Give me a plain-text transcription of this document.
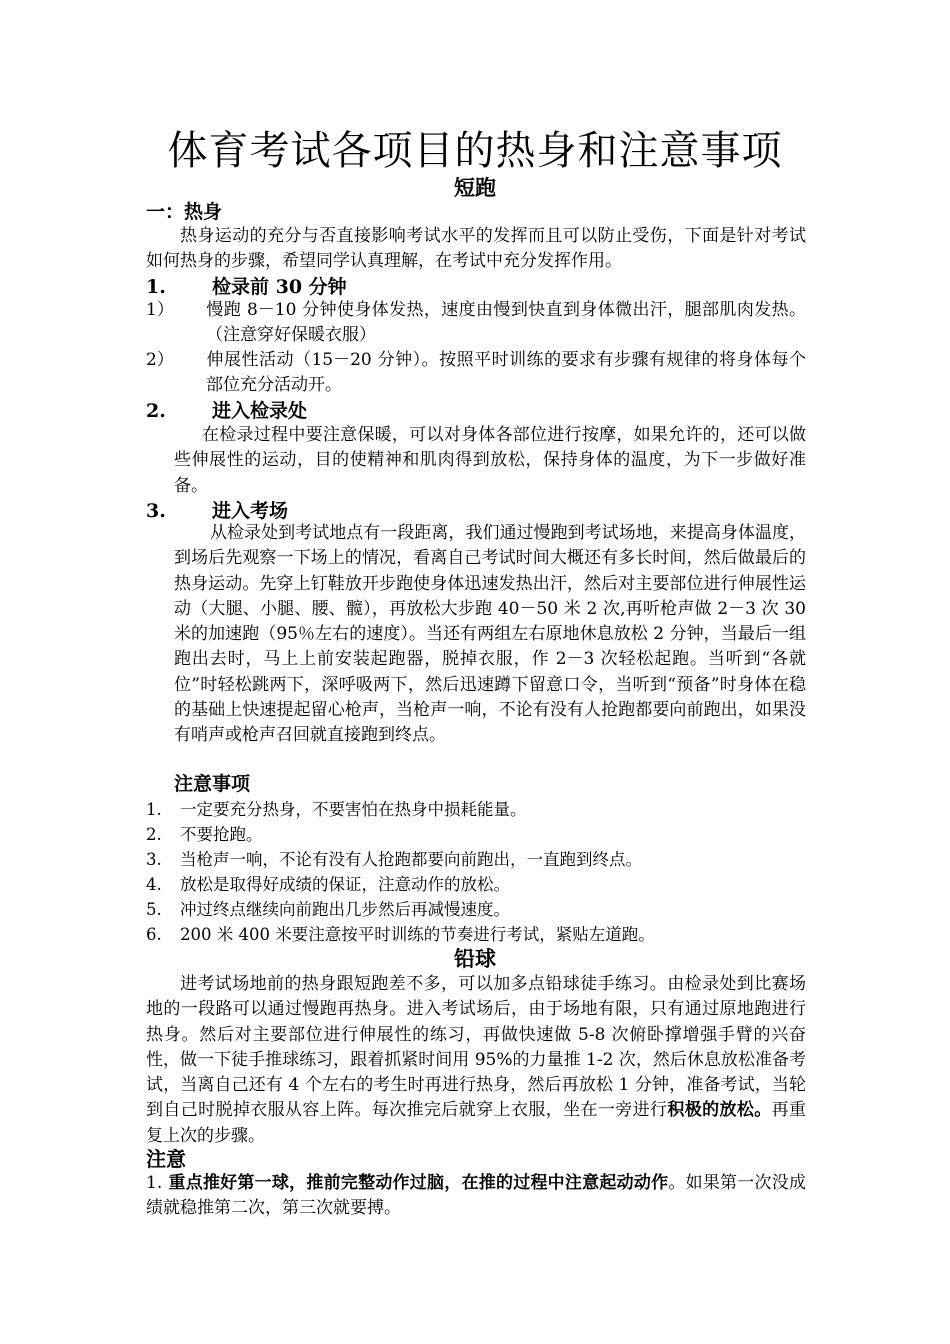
体育考试各项目的热身和注意事项
短跑
一：热身
热身运动的充分与否直接影响考试水平的发挥而且可以防止受伤，下面是针对考试如何热身的步骤，希望同学认真理解，在考试中充分发挥作用。
1. 检录前 30 分钟
1） 慢跑 8－10 分钟使身体发热，速度由慢到快直到身体微出汗，腿部肌肉发热。（注意穿好保暖衣服）
2） 伸展性活动（15－20 分钟）。按照平时训练的要求有步骤有规律的将身体每个部位充分活动开。
2. 进入检录处
在检录过程中要注意保暖，可以对身体各部位进行按摩，如果允许的，还可以做些伸展性的运动，目的使精神和肌肉得到放松，保持身体的温度，为下一步做好准备。
3. 进入考场
从检录处到考试地点有一段距离，我们通过慢跑到考试场地，来提高身体温度，到场后先观察一下场上的情况，看离自己考试时间大概还有多长时间，然后做最后的热身运动。先穿上钉鞋放开步跑使身体迅速发热出汗，然后对主要部位进行伸展性运动（大腿、小腿、腰、髋），再放松大步跑 40－50 米 2 次,再听枪声做 2－3 次 30 米的加速跑（95％左右的速度）。当还有两组左右原地休息放松 2 分钟，当最后一组跑出去时，马上上前安装起跑器，脱掉衣服，作 2－3 次轻松起跑。当听到“各就位”时轻松跳两下，深呼吸两下，然后迅速蹲下留意口令，当听到“预备”时身体在稳的基础上快速提起留心枪声，当枪声一响，不论有没有人抢跑都要向前跑出，如果没有哨声或枪声召回就直接跑到终点。
注意事项
1. 一定要充分热身，不要害怕在热身中损耗能量。
2. 不要抢跑。
3. 当枪声一响，不论有没有人抢跑都要向前跑出，一直跑到终点。
4. 放松是取得好成绩的保证，注意动作的放松。
5. 冲过终点继续向前跑出几步然后再减慢速度。
6. 200 米 400 米要注意按平时训练的节奏进行考试，紧贴左道跑。
铅球
进考试场地前的热身跟短跑差不多，可以加多点铅球徒手练习。由检录处到比赛场地的一段路可以通过慢跑再热身。进入考试场后，由于场地有限，只有通过原地跑进行热身。然后对主要部位进行伸展性的练习，再做快速做 5-8 次俯卧撑增强手臂的兴奋性，做一下徒手推球练习，跟着抓紧时间用 95%的力量推 1-2 次，然后休息放松准备考试，当离自己还有 4 个左右的考生时再进行热身，然后再放松 1 分钟，准备考试，当轮到自己时脱掉衣服从容上阵。每次推完后就穿上衣服，坐在一旁进行积极的放松。再重复上次的步骤。
注意
1. 重点推好第一球，推前完整动作过脑，在推的过程中注意起动动作。如果第一次没成绩就稳推第二次，第三次就要搏。
